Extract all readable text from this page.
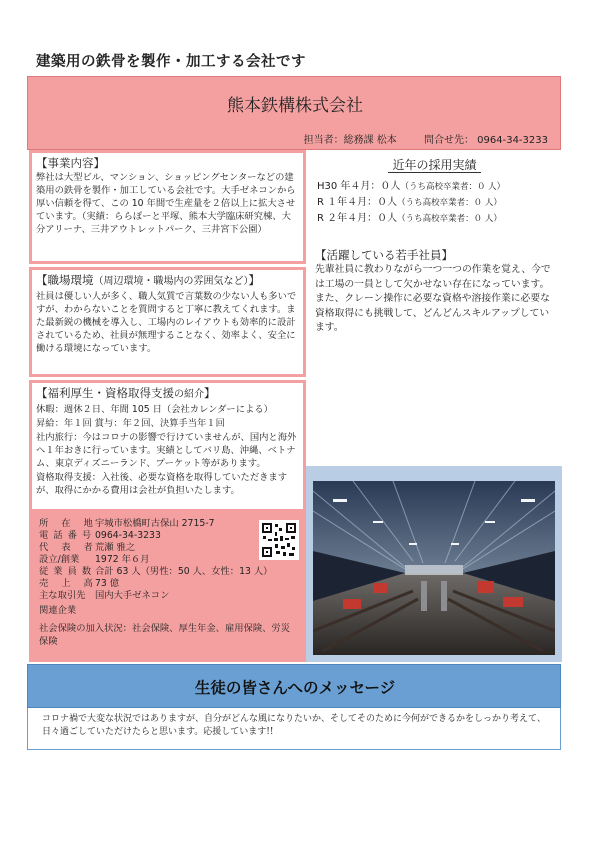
建築用の鉄骨を製作・加工する会社です
熊本鉄構株式会社
担当者：総務課 松本	問合せ先： 0964-34-3233
【事業内容】
弊社は大型ビル、マンション、ショッピングセンターなどの建築用の鉄骨を製作・加工している会社です。大手ゼネコンから厚い信頼を得て、この 10 年間で生産量を２倍以上に拡大させています。（実績：ららぽーと平塚、熊本大学臨床研究棟、大分アリーナ、三井アウトレットパーク、三井宮下公園）
【職場環境（周辺環境・職場内の雰囲気など）】
社員は優しい人が多く、職人気質で言葉数の少ない人も多いですが、わからないことを質問すると丁寧に教えてくれます。また最新鋭の機械を導入し、工場内のレイアウトも効率的に設計されているため、社員が無理することなく、効率よく、安全に働ける環境になっています。
【福利厚生・資格取得支援の紹介】
休暇：週休２日、年間 105 日（会社カレンダーによる）
昇給：年１回 賞与：年２回、決算手当年１回
社内旅行：今はコロナの影響で行けていませんが、国内と海外へ１年おきに行っています。実績としてバリ島、沖縄、ベトナム、東京ディズニーランド、プーケット等があります。
資格取得支援：入社後、必要な資格を取得していただきますが、取得にかかる費用は会社が負担いたします。
近年の採用実績
H30 年４月：０人（うち高校卒業者：０ 人）
R １年４月：０人（うち高校卒業者：０ 人）
R ２年４月：０人（うち高校卒業者：０ 人）
【活躍している若手社員】
先輩社員に教わりながら一つ一つの作業を覚え、今では工場の一員として欠かせない存在になっています。また、クレーン操作に必要な資格や溶接作業に必要な資格取得にも挑戦して、どんどんスキルアップしています。
所 在 地宇城市松橋町古保山 2715-7
電話番号0964-34-3233
代 表 者荒瀬 雅之
設立/創業 1972 年６月
従業員数合計 63 人（男性：50 人、女性：13 人）
売 上 高73 億
主な取引先 国内大手ゼネコン
関連企業
社会保険の加入状況：社会保険、厚生年金、雇用保険、労災保険
生徒の皆さんへのメッセージ
コロナ禍で大変な状況ではありますが、自分がどんな風になりたいか、そしてそのために今何ができるかをしっかり考えて、日々過ごしていただけたらと思います。応援しています!!
